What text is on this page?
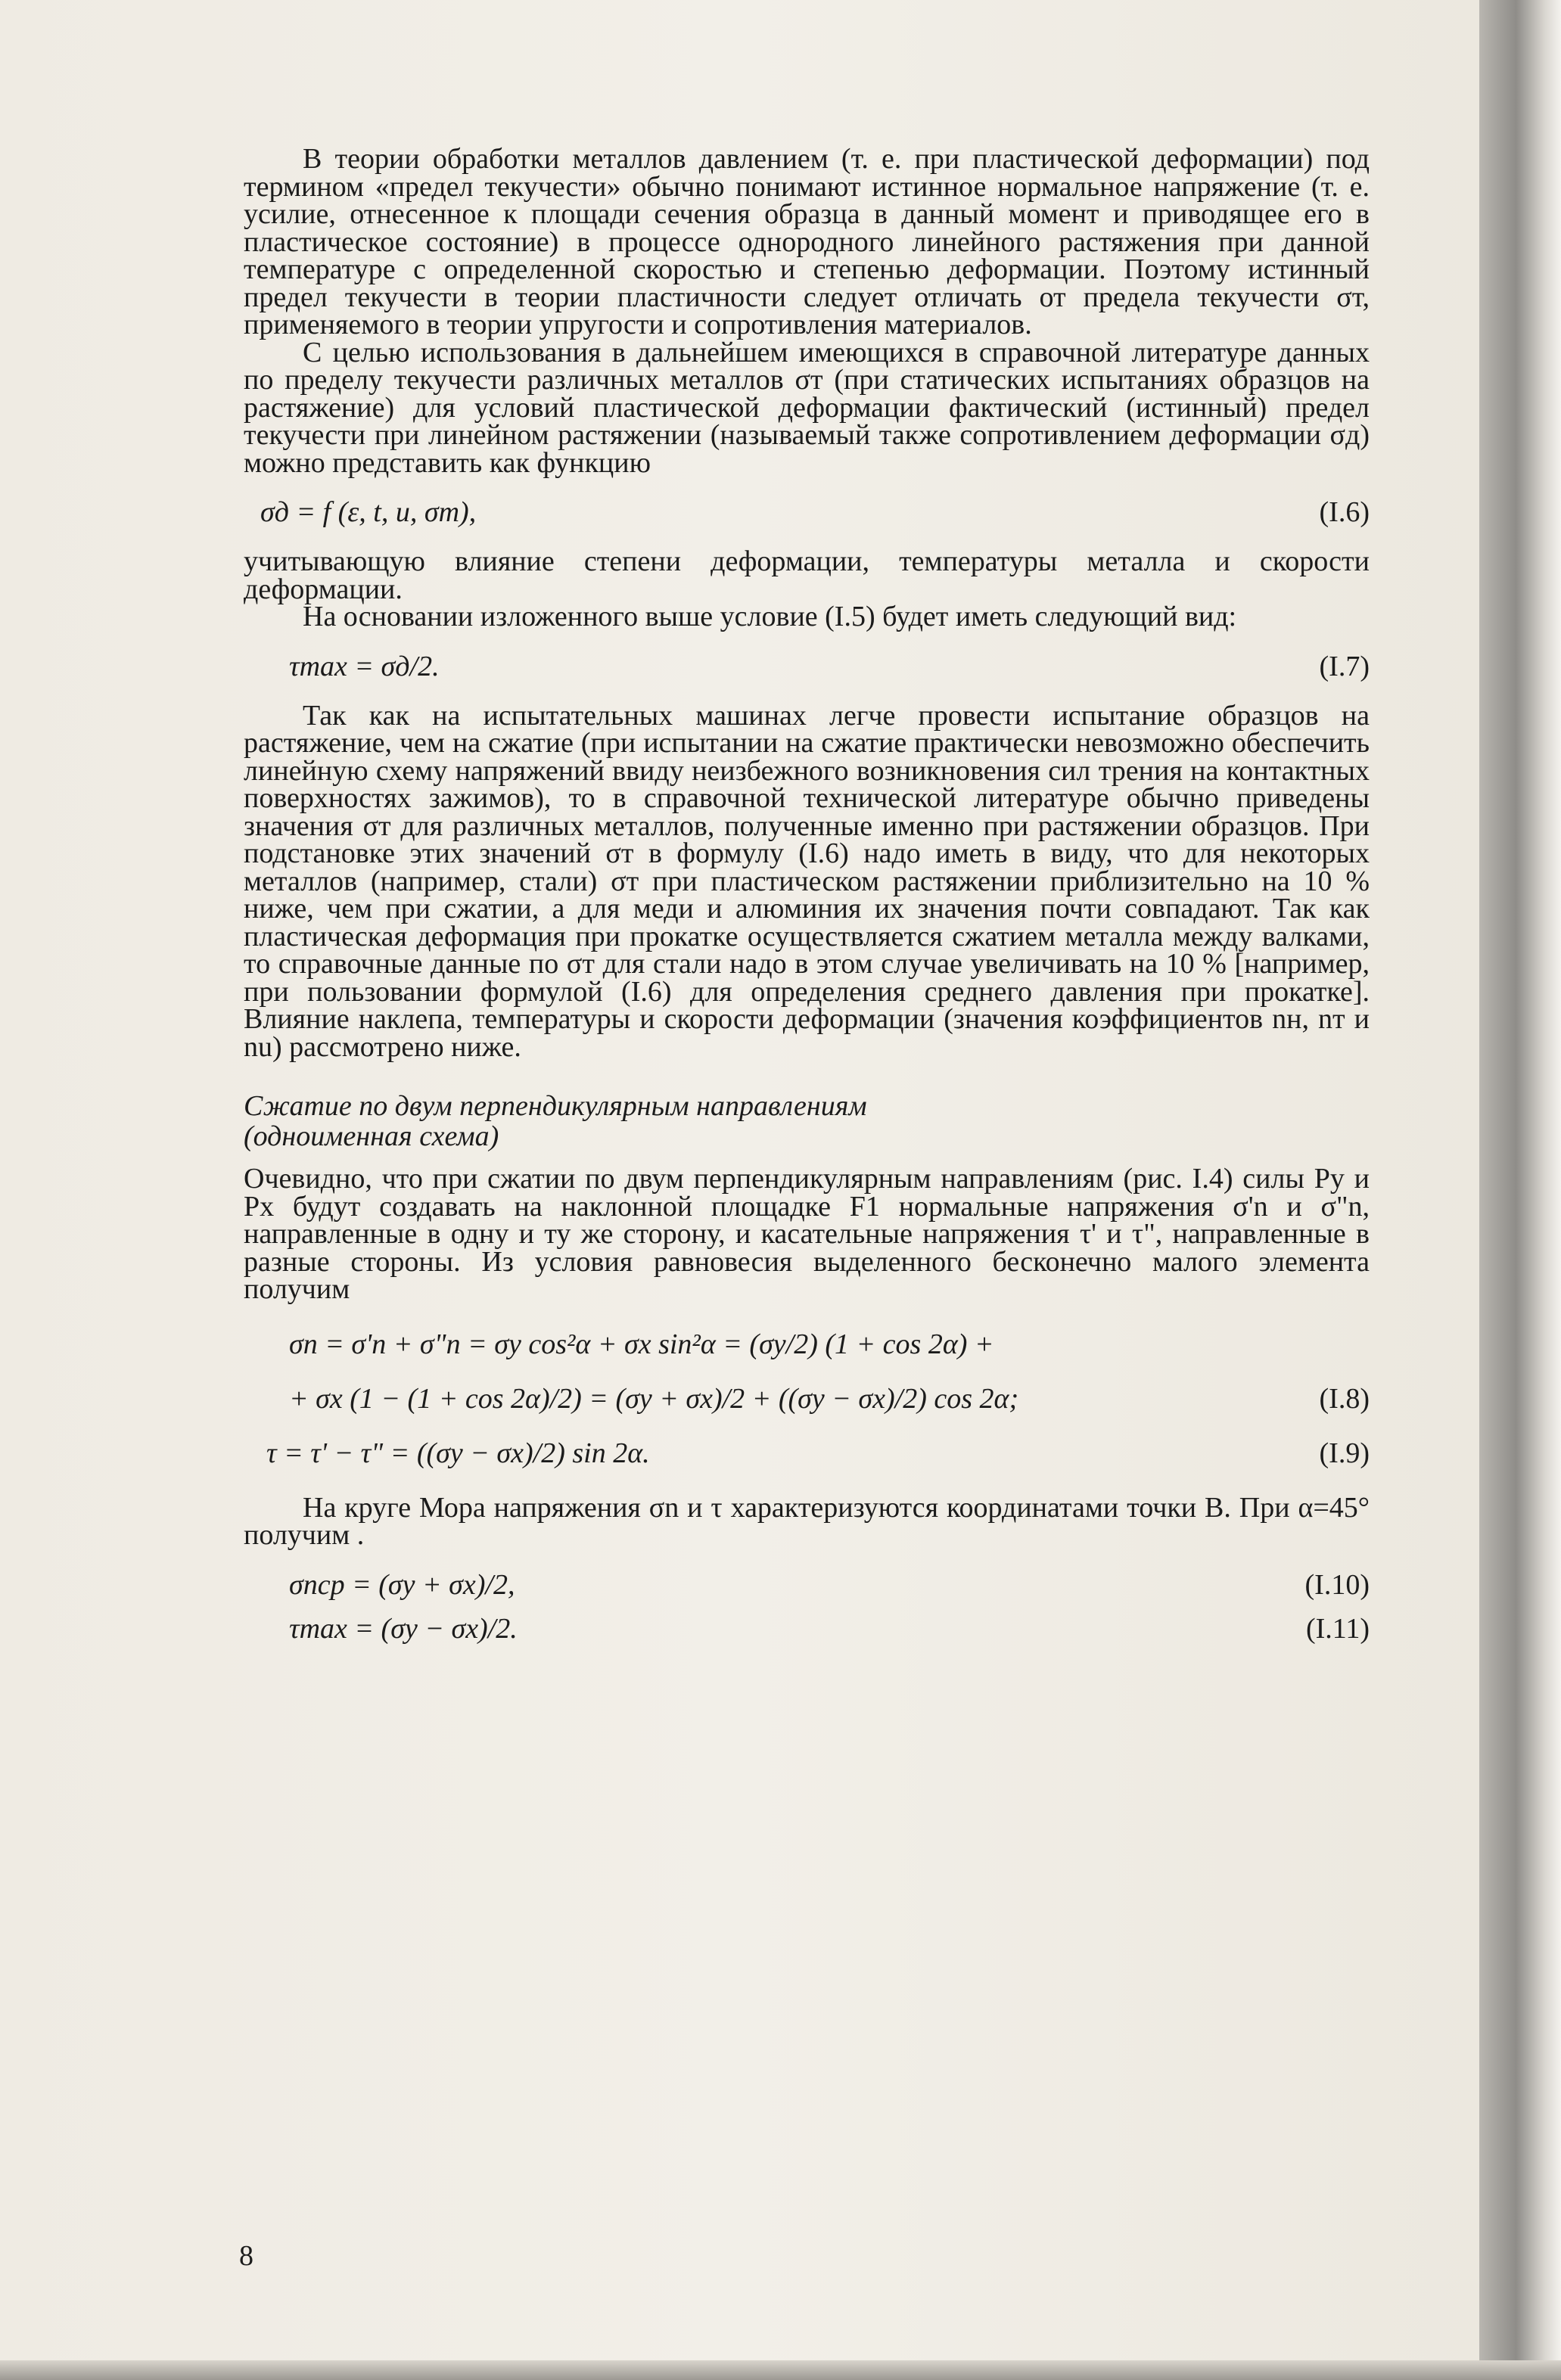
В теории обработки металлов давлением (т. е. при пластической деформации) под термином «предел текучести» обычно понимают истинное нормальное напряжение (т. е. усилие, отнесенное к площади сечения образца в данный момент и приводящее его в пластическое состояние) в процессе однородного линейного растяжения при данной температуре с определенной скоростью и степенью деформации. Поэтому истинный предел текучести в теории пластичности следует отличать от предела текучести σт, применяемого в теории упругости и сопротивления материалов.

С целью использования в дальнейшем имеющихся в справочной литературе данных по пределу текучести различных металлов σт (при статических испытаниях образцов на растяжение) для условий пластической деформации фактический (истинный) предел текучести при линейном растяжении (называемый также сопротивлением деформации σд) можно представить как функцию

σд = f (ε, t, u, σт),	(I.6)

учитывающую влияние степени деформации, температуры металла и скорости деформации.

На основании изложенного выше условие (I.5) будет иметь следующий вид:

τmax = σд/2.	(I.7)

Так как на испытательных машинах легче провести испытание образцов на растяжение, чем на сжатие (при испытании на сжатие практически невозможно обеспечить линейную схему напряжений ввиду неизбежного возникновения сил трения на контактных поверхностях зажимов), то в справочной технической литературе обычно приведены значения σт для различных металлов, полученные именно при растяжении образцов. При подстановке этих значений σт в формулу (I.6) надо иметь в виду, что для некоторых металлов (например, стали) σт при пластическом растяжении приблизительно на 10 % ниже, чем при сжатии, а для меди и алюминия их значения почти совпадают. Так как пластическая деформация при прокатке осуществляется сжатием металла между валками, то справочные данные по σт для стали надо в этом случае увеличивать на 10 % [например, при пользовании формулой (I.6) для определения среднего давления при прокатке]. Влияние наклепа, температуры и скорости деформации (значения коэффициентов nн, nт и nu) рассмотрено ниже.

Сжатие по двум перпендикулярным направлениям
(одноименная схема)

Очевидно, что при сжатии по двум перпендикулярным направлениям (рис. I.4) силы Py и Px будут создавать на наклонной площадке F1 нормальные напряжения σ'n и σ"n, направленные в одну и ту же сторону, и касательные напряжения τ' и τ", направленные в разные стороны. Из условия равновесия выделенного бесконечно малого элемента получим

σn = σ'n + σ"n = σy cos²α + σx sin²α = (σy/2) (1 + cos 2α) +
+ σx (1 − (1 + cos 2α)/2) = (σy + σx)/2 + ((σy − σx)/2) cos 2α;	(I.8)
τ = τ' − τ" = ((σy − σx)/2) sin 2α.	(I.9)

На круге Мора напряжения σn и τ характеризуются координатами точки B. При α=45° получим .

σncp = (σy + σx)/2,	(I.10)
τmax = (σy − σx)/2.	(I.11)
8
